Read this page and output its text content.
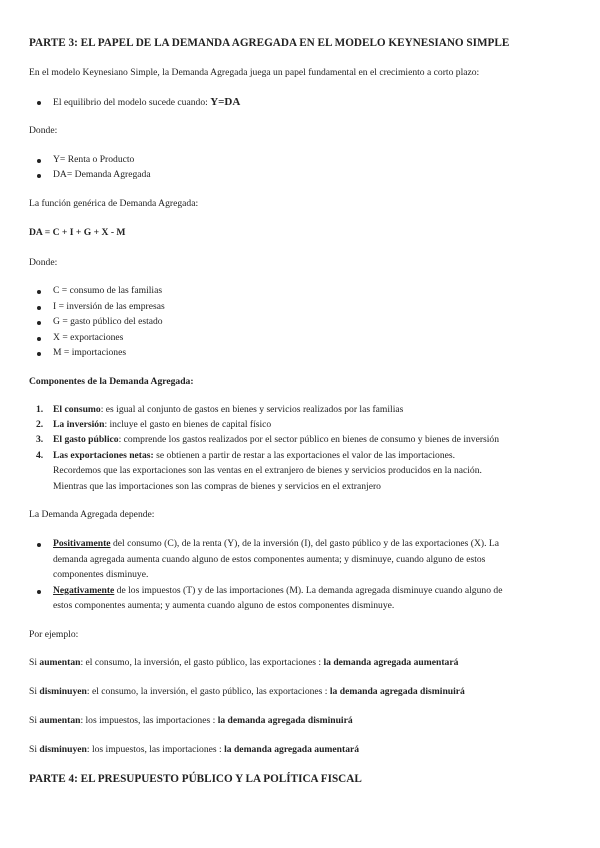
PARTE 3: EL PAPEL DE LA DEMANDA AGREGADA EN EL MODELO KEYNESIANO SIMPLE
En el modelo Keynesiano Simple, la Demanda Agregada juega un papel fundamental en el crecimiento a corto plazo:
El equilibrio del modelo sucede cuando: Y=DA
Donde:
Y= Renta o Producto
DA= Demanda Agregada
La función genérica de Demanda Agregada:
DA = C + I + G + X - M
Donde:
C = consumo de las familias
I = inversión de las empresas
G = gasto público del estado
X = exportaciones
M = importaciones
Componentes de la Demanda Agregada:
1. El consumo: es igual al conjunto de gastos en bienes y servicios realizados por las familias
2. La inversión: incluye el gasto en bienes de capital físico
3. El gasto público: comprende los gastos realizados por el sector público en bienes de consumo y bienes de inversión
4. Las exportaciones netas: se obtienen a partir de restar a las exportaciones el valor de las importaciones.
Recordemos que las exportaciones son las ventas en el extranjero de bienes y servicios producidos en la nación.
Mientras que las importaciones son las compras de bienes y servicios en el extranjero
La Demanda Agregada depende:
Positivamente del consumo (C), de la renta (Y), de la inversión (I), del gasto público y de las exportaciones (X). La
demanda agregada aumenta cuando alguno de estos componentes aumenta; y disminuye, cuando alguno de estos
componentes disminuye.
Negativamente de los impuestos (T) y de las importaciones (M). La demanda agregada disminuye cuando alguno de
estos componentes aumenta; y aumenta cuando alguno de estos componentes disminuye.
Por ejemplo:
Si aumentan: el consumo, la inversión, el gasto público, las exportaciones : la demanda agregada aumentará
Si disminuyen: el consumo, la inversión, el gasto público, las exportaciones : la demanda agregada disminuirá
Si aumentan: los impuestos, las importaciones : la demanda agregada disminuirá
Si disminuyen: los impuestos, las importaciones : la demanda agregada aumentará
PARTE 4: EL PRESUPUESTO PÚBLICO Y LA POLÍTICA FISCAL
